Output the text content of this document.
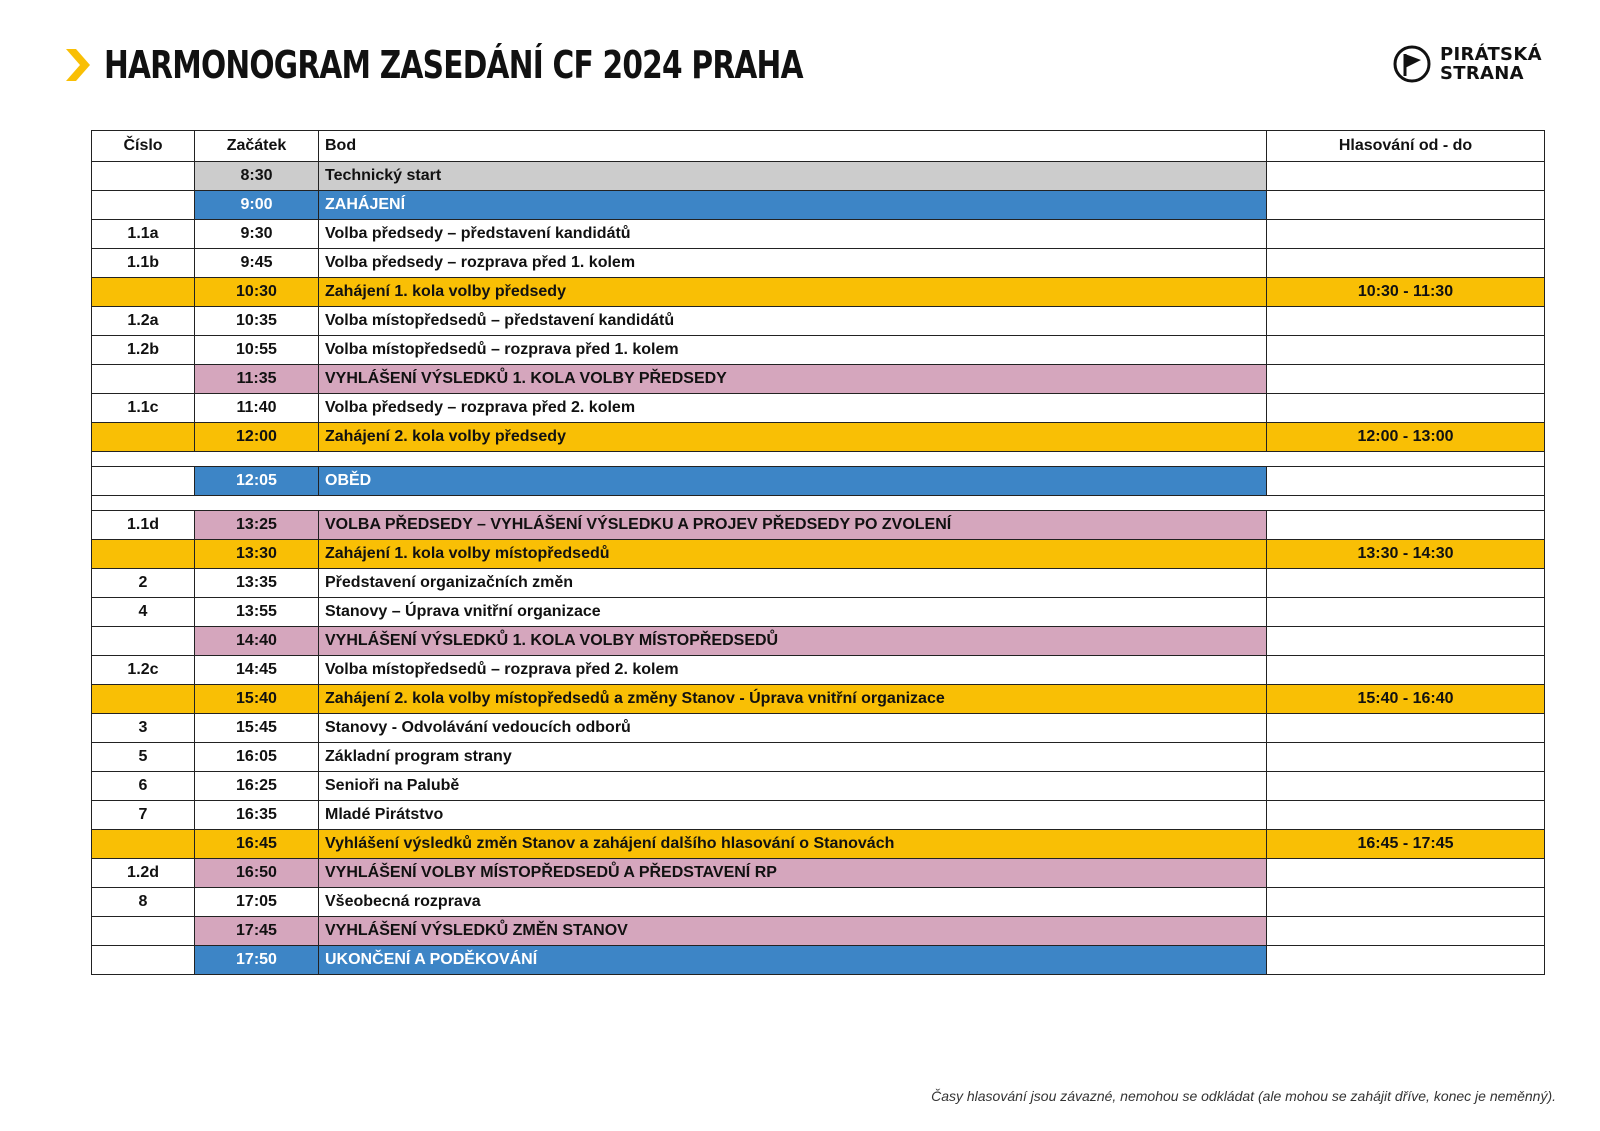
HARMONOGRAM ZASEDÁNÍ CF 2024 PRAHA	PIRÁTSKÁ
STRANA
Číslo	Začátek	Bod	Hlasování od - do
	8:30	Technický start	
	9:00	ZAHÁJENÍ	
1.1a	9:30	Volba předsedy – představení kandidátů	
1.1b	9:45	Volba předsedy – rozprava před 1. kolem	
	10:30	Zahájení 1. kola volby předsedy	10:30 - 11:30
1.2a	10:35	Volba místopředsedů – představení kandidátů	
1.2b	10:55	Volba místopředsedů – rozprava před 1. kolem	
	11:35	VYHLÁŠENÍ VÝSLEDKŮ 1. KOLA VOLBY PŘEDSEDY	
1.1c	11:40	Volba předsedy – rozprava před 2. kolem	
	12:00	Zahájení 2. kola volby předsedy	12:00 - 13:00

	12:05	OBĚD	

1.1d	13:25	VOLBA PŘEDSEDY – VYHLÁŠENÍ VÝSLEDKU A PROJEV PŘEDSEDY PO ZVOLENÍ	
	13:30	Zahájení 1. kola volby místopředsedů	13:30 - 14:30
2	13:35	Představení organizačních změn	
4	13:55	Stanovy – Úprava vnitřní organizace	
	14:40	VYHLÁŠENÍ VÝSLEDKŮ 1. KOLA VOLBY MÍSTOPŘEDSEDŮ	
1.2c	14:45	Volba místopředsedů – rozprava před 2. kolem	
	15:40	Zahájení 2. kola volby místopředsedů a změny Stanov - Úprava vnitřní organizace	15:40 - 16:40
3	15:45	Stanovy - Odvolávání vedoucích odborů	
5	16:05	Základní program strany	
6	16:25	Senioři na Palubě	
7	16:35	Mladé Pirátstvo	
	16:45	Vyhlášení výsledků změn Stanov a zahájení dalšího hlasování o Stanovách	16:45 - 17:45
1.2d	16:50	VYHLÁŠENÍ VOLBY MÍSTOPŘEDSEDŮ A PŘEDSTAVENÍ RP	
8	17:05	Všeobecná rozprava	
	17:45	VYHLÁŠENÍ VÝSLEDKŮ ZMĚN STANOV	
	17:50	UKONČENÍ A PODĚKOVÁNÍ	
Časy hlasování jsou závazné, nemohou se odkládat (ale mohou se zahájit dříve, konec je neměnný).
